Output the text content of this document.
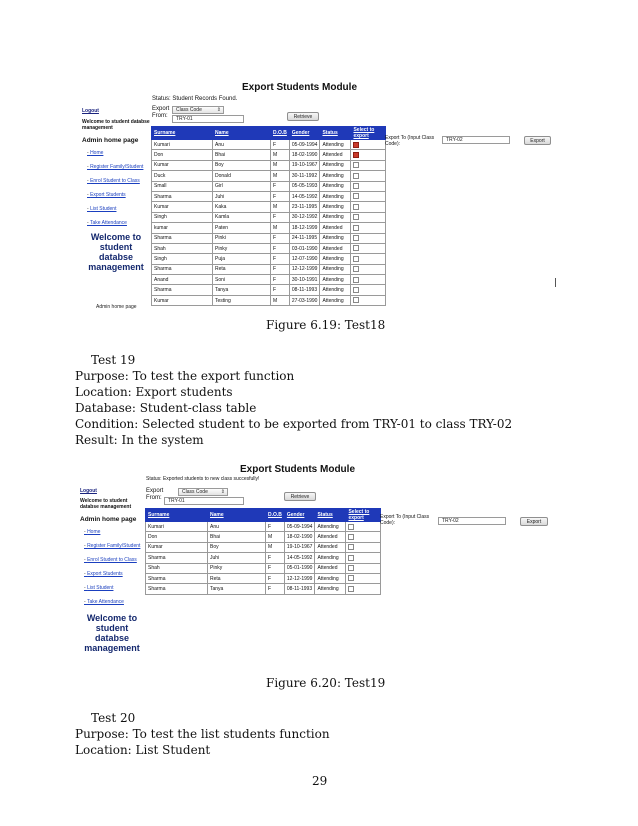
Export Students Module
Status: Student Records Found.
Export From:
Class Code	⇕
TRY-01	Retrieve
Logout
Welcome to student databse management
Admin home page
- Home
- Register Family/Student
- Enrol Student to Class
- Export Students
- List Student
- Take Attendance
Welcome to student databse management
Admin home page
Surname	Name	D.O.B	Gender	Status	Select to export
Kumari	Anu	F	05-09-1994	Attending	
Don	Bhai	M	18-02-1990	Attended	
Kumar	Boy	M	19-10-1967	Attending	
Duck	Donald	M	30-11-1992	Attending	
Small	Girl	F	05-05-1993	Attending	
Sharma	Juhi	F	14-05-1992	Attending	
Kumar	Kaka	M	23-11-1995	Attending	
Singh	Kamla	F	30-12-1992	Attending	
kumar	Paten	M	18-12-1999	Attended	
Sharma	Pinki	F	24-11-1995	Attending	
Shah	Pinky	F	03-01-1990	Attended	
Singh	Puja	F	12-07-1990	Attending	
Sharma	Reta	F	12-12-1999	Attending	
Anand	Soni	F	30-10-1991	Attending	
Sharma	Tanya	F	08-11-1993	Attending	
Kumar	Testing	M	27-03-1990	Attending	
Export To (Input Class Code):
TRY-02	Export
Figure 6.19: Test18
Test 19
Purpose: To test the export function
Location: Export students
Database: Student-class table
Condition: Selected student to be exported from TRY-01 to class TRY-02
Result: In the system
Export Students Module
Status: Exported students to new class succesfully!
Export From:
Class Code	⇕
TRY-01
Retrieve
Logout
Welcome to student databse management
Admin home page
- Home
- Register Family/Student
- Enrol Student to Class
- Export Students
- List Student
- Take Attendance
Welcome to student databse management
Surname	Name	D.O.B	Gender	Status	Select to export
Kumari	Anu	F	05-09-1994	Attending	
Don	Bhai	M	18-02-1990	Attended	
Kumar	Boy	M	19-10-1967	Attended	
Sharma	Juhi	F	14-05-1992	Attending	
Shah	Pinky	F	05-01-1990	Attended	
Sharma	Reta	F	12-12-1999	Attending	
Sharma	Tanya	F	08-11-1993	Attending	
Export To (Input Class Code):	TRY-02	Export
Figure 6.20: Test19
Test 20
Purpose: To test the list students function
Location: List Student
29
